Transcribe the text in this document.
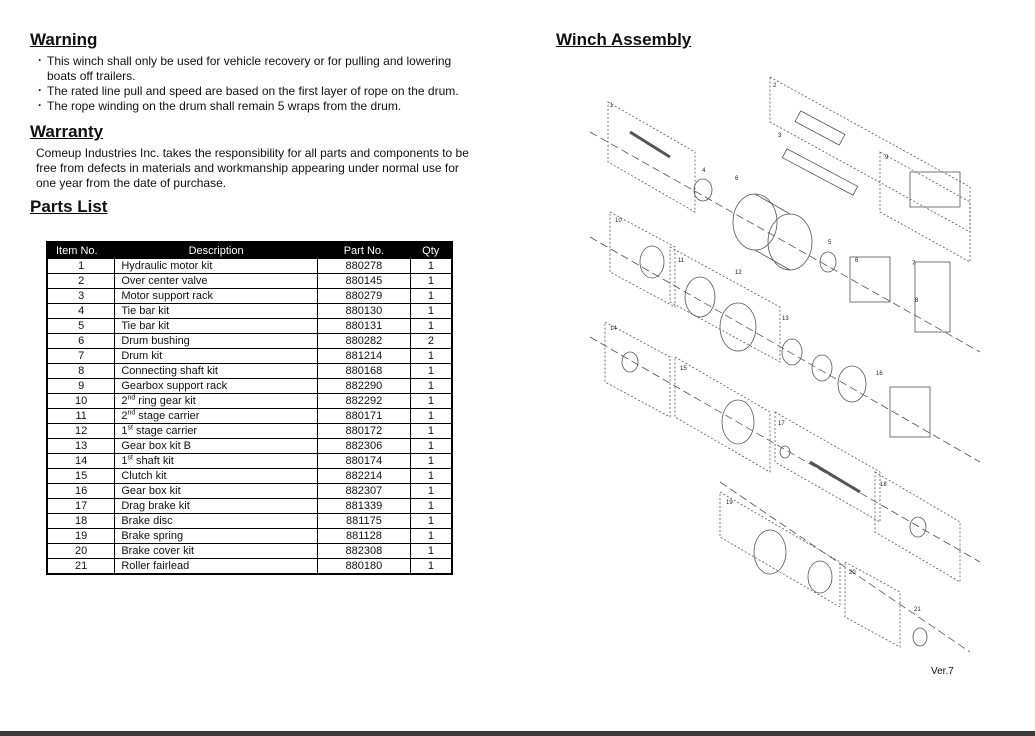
Warning
· This winch shall only be used for vehicle recovery or for pulling and lowering boats off trailers.
· The rated line pull and speed are based on the first layer of rope on the drum.
· The rope winding on the drum shall remain 5 wraps from the drum.
Warranty
Comeup Industries Inc. takes the responsibility for all parts and components to be free from defects in materials and workmanship appearing under normal use for one year from the date of purchase.
Parts List
Item No.	Description	Part No.	Qty
1	Hydraulic motor kit	880278	1
2	Over center valve	880145	1
3	Motor support rack	880279	1
4	Tie bar kit	880130	1
5	Tie bar kit	880131	1
6	Drum bushing	880282	2
7	Drum kit	881214	1
8	Connecting shaft kit	880168	1
9	Gearbox support rack	882290	1
10	2nd ring gear kit	882292	1
11	2nd stage carrier	880171	1
12	1st stage carrier	880172	1
13	Gear box kit B	882306	1
14	1st shaft kit	880174	1
15	Clutch kit	882214	1
16	Gear box kit	882307	1
17	Drag brake kit	881339	1
18	Brake disc	881175	1
19	Brake spring	881128	1
20	Brake cover kit	882308	1
21	Roller fairlead	880180	1
Winch Assembly
1
2
3
4
5
6
6	7
8
9
10
11
12
13
14
15
16
17
18
19
20
21
Ver.7
